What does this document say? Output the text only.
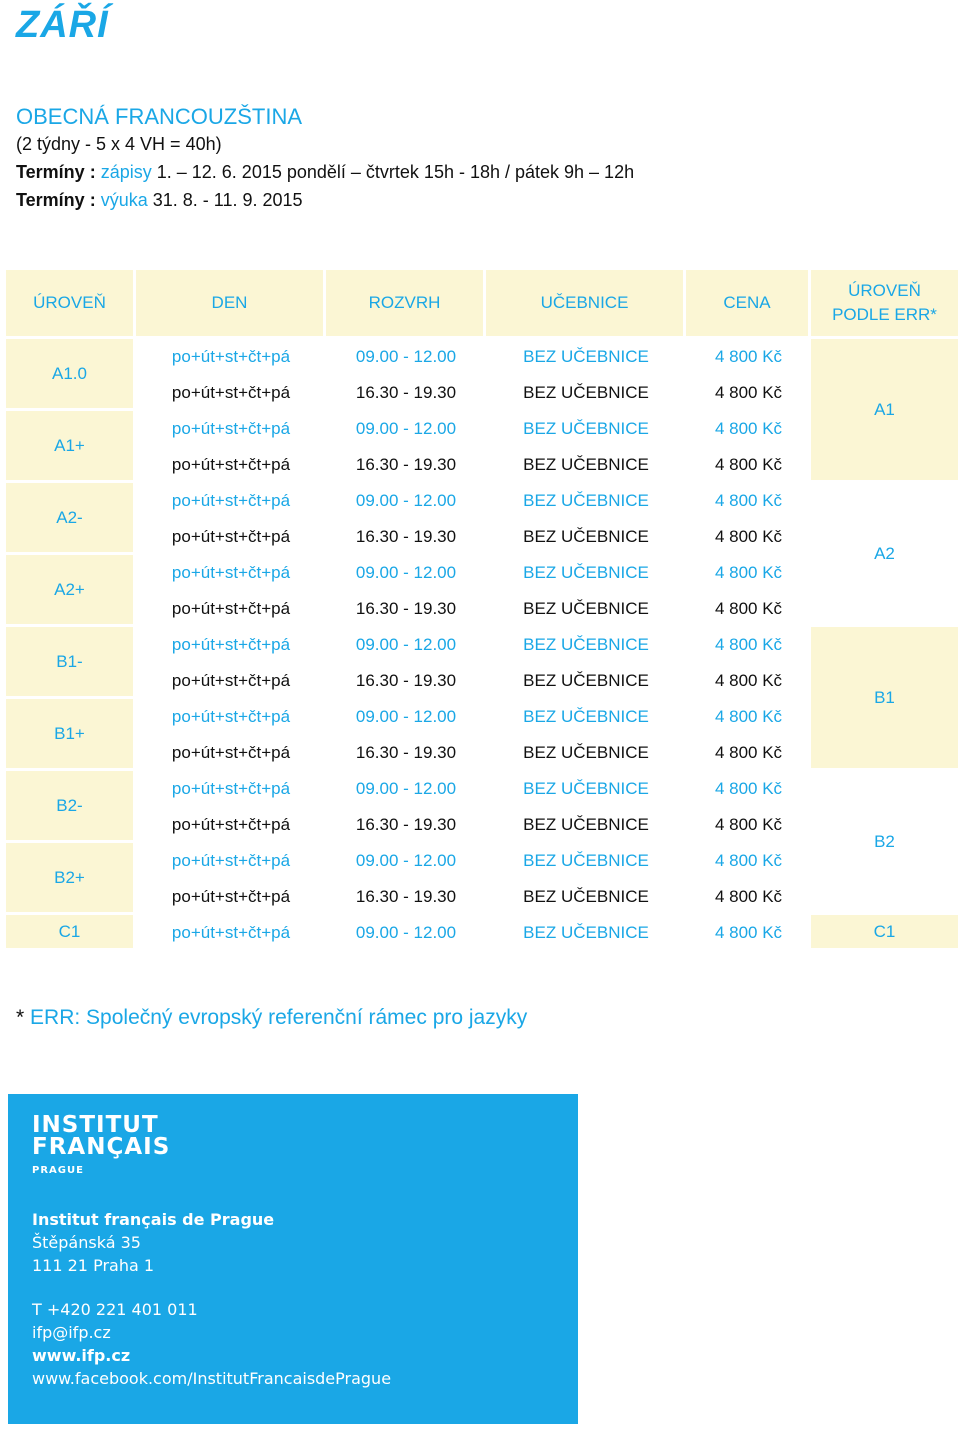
ZÁŘÍ
OBECNÁ FRANCOUZŠTINA
(2 týdny - 5 x 4 VH = 40h)
Termíny : zápisy 1. – 12. 6. 2015 pondělí – čtvrtek 15h - 18h / pátek 9h – 12h
Termíny : výuka 31. 8. - 11. 9. 2015
ÚROVEŇ	DEN	ROZVRH	UČEBNICE	CENA	ÚROVEŇ
PODLE ERR*
A1.0	po+út+st+čt+pá	09.00 - 12.00	BEZ UČEBNICE	4 800 Kč	A1
	po+út+st+čt+pá	16.30 - 19.30	BEZ UČEBNICE	4 800 Kč	
A1+	po+út+st+čt+pá	09.00 - 12.00	BEZ UČEBNICE	4 800 Kč	
	po+út+st+čt+pá	16.30 - 19.30	BEZ UČEBNICE	4 800 Kč	
A2-	po+út+st+čt+pá	09.00 - 12.00	BEZ UČEBNICE	4 800 Kč	A2
	po+út+st+čt+pá	16.30 - 19.30	BEZ UČEBNICE	4 800 Kč	
A2+	po+út+st+čt+pá	09.00 - 12.00	BEZ UČEBNICE	4 800 Kč	
	po+út+st+čt+pá	16.30 - 19.30	BEZ UČEBNICE	4 800 Kč	
B1-	po+út+st+čt+pá	09.00 - 12.00	BEZ UČEBNICE	4 800 Kč	B1
	po+út+st+čt+pá	16.30 - 19.30	BEZ UČEBNICE	4 800 Kč	
B1+	po+út+st+čt+pá	09.00 - 12.00	BEZ UČEBNICE	4 800 Kč	
	po+út+st+čt+pá	16.30 - 19.30	BEZ UČEBNICE	4 800 Kč	
B2-	po+út+st+čt+pá	09.00 - 12.00	BEZ UČEBNICE	4 800 Kč	B2
	po+út+st+čt+pá	16.30 - 19.30	BEZ UČEBNICE	4 800 Kč	
B2+	po+út+st+čt+pá	09.00 - 12.00	BEZ UČEBNICE	4 800 Kč	
	po+út+st+čt+pá	16.30 - 19.30	BEZ UČEBNICE	4 800 Kč	
C1	po+út+st+čt+pá	09.00 - 12.00	BEZ UČEBNICE	4 800 Kč	C1
* ERR: Společný evropský referenční rámec pro jazyky
INSTITUT
FRANÇAIS
PRAGUE
Institut français de Prague
Štěpánská 35
111 21 Praha 1
T +420 221 401 011
ifp@ifp.cz
www.ifp.cz
www.facebook.com/InstitutFrancaisdePrague
